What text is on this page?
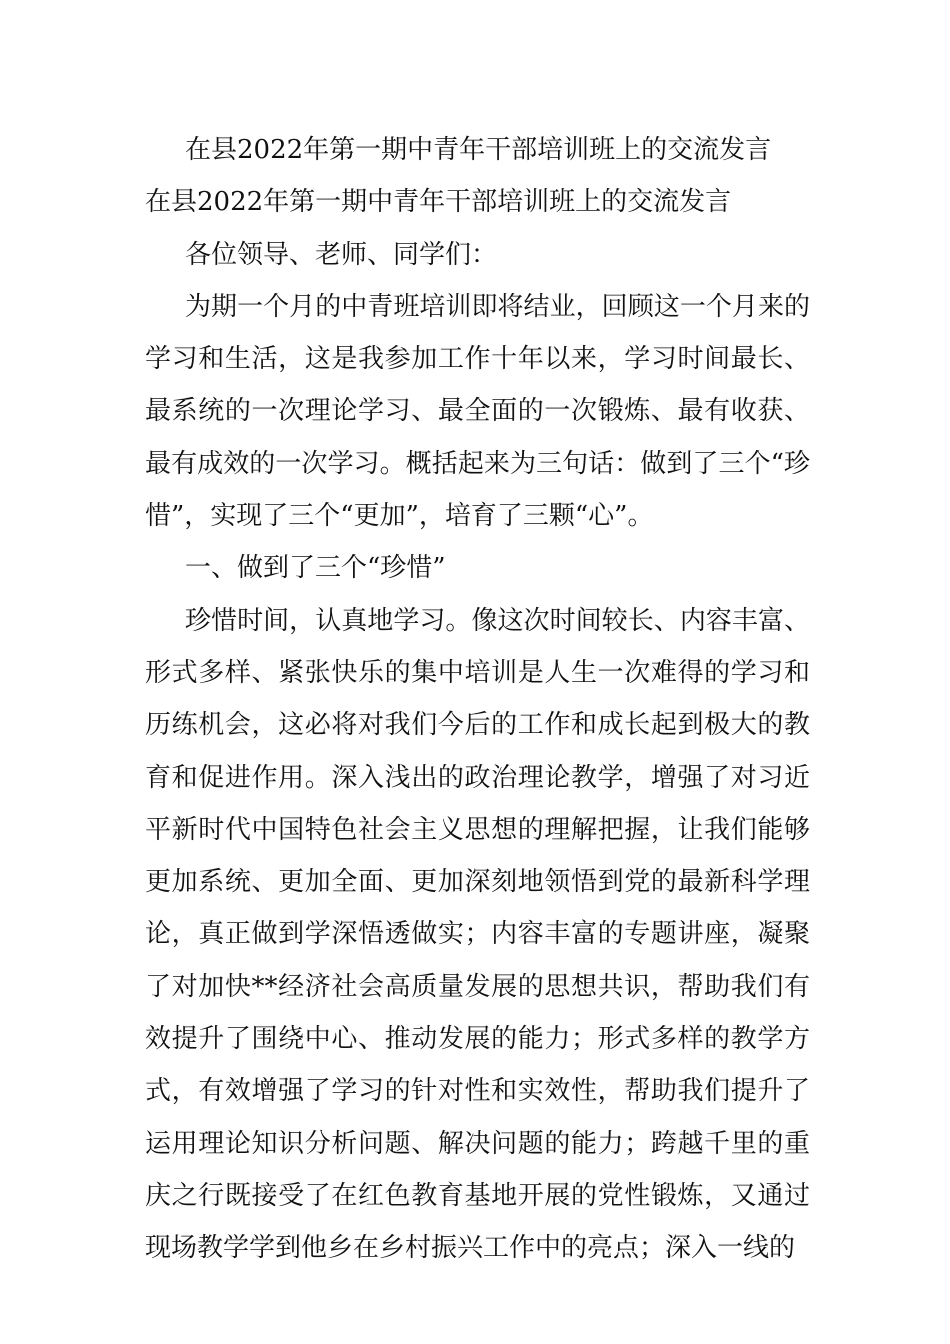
在县2022年第一期中青年干部培训班上的交流发言

在县2022年第一期中青年干部培训班上的交流发言

各位领导、老师、同学们：

为期一个月的中青班培训即将结业，回顾这一个月来的学习和生活，这是我参加工作十年以来，学习时间最长、最系统的一次理论学习、最全面的一次锻炼、最有收获、最有成效的一次学习。概括起来为三句话：做到了三个“珍惜”，实现了三个“更加”，培育了三颗“心”。

一、做到了三个“珍惜”

珍惜时间，认真地学习。像这次时间较长、内容丰富、形式多样、紧张快乐的集中培训是人生一次难得的学习和历练机会，这必将对我们今后的工作和成长起到极大的教育和促进作用。深入浅出的政治理论教学，增强了对习近平新时代中国特色社会主义思想的理解把握，让我们能够更加系统、更加全面、更加深刻地领悟到党的最新科学理论，真正做到学深悟透做实；内容丰富的专题讲座，凝聚了对加快**经济社会高质量发展的思想共识，帮助我们有效提升了围绕中心、推动发展的能力；形式多样的教学方式，有效增强了学习的针对性和实效性，帮助我们提升了运用理论知识分析问题、解决问题的能力；跨越千里的重庆之行既接受了在红色教育基地开展的党性锻炼，又通过现场教学学到他乡在乡村振兴工作中的亮点；深入一线的
